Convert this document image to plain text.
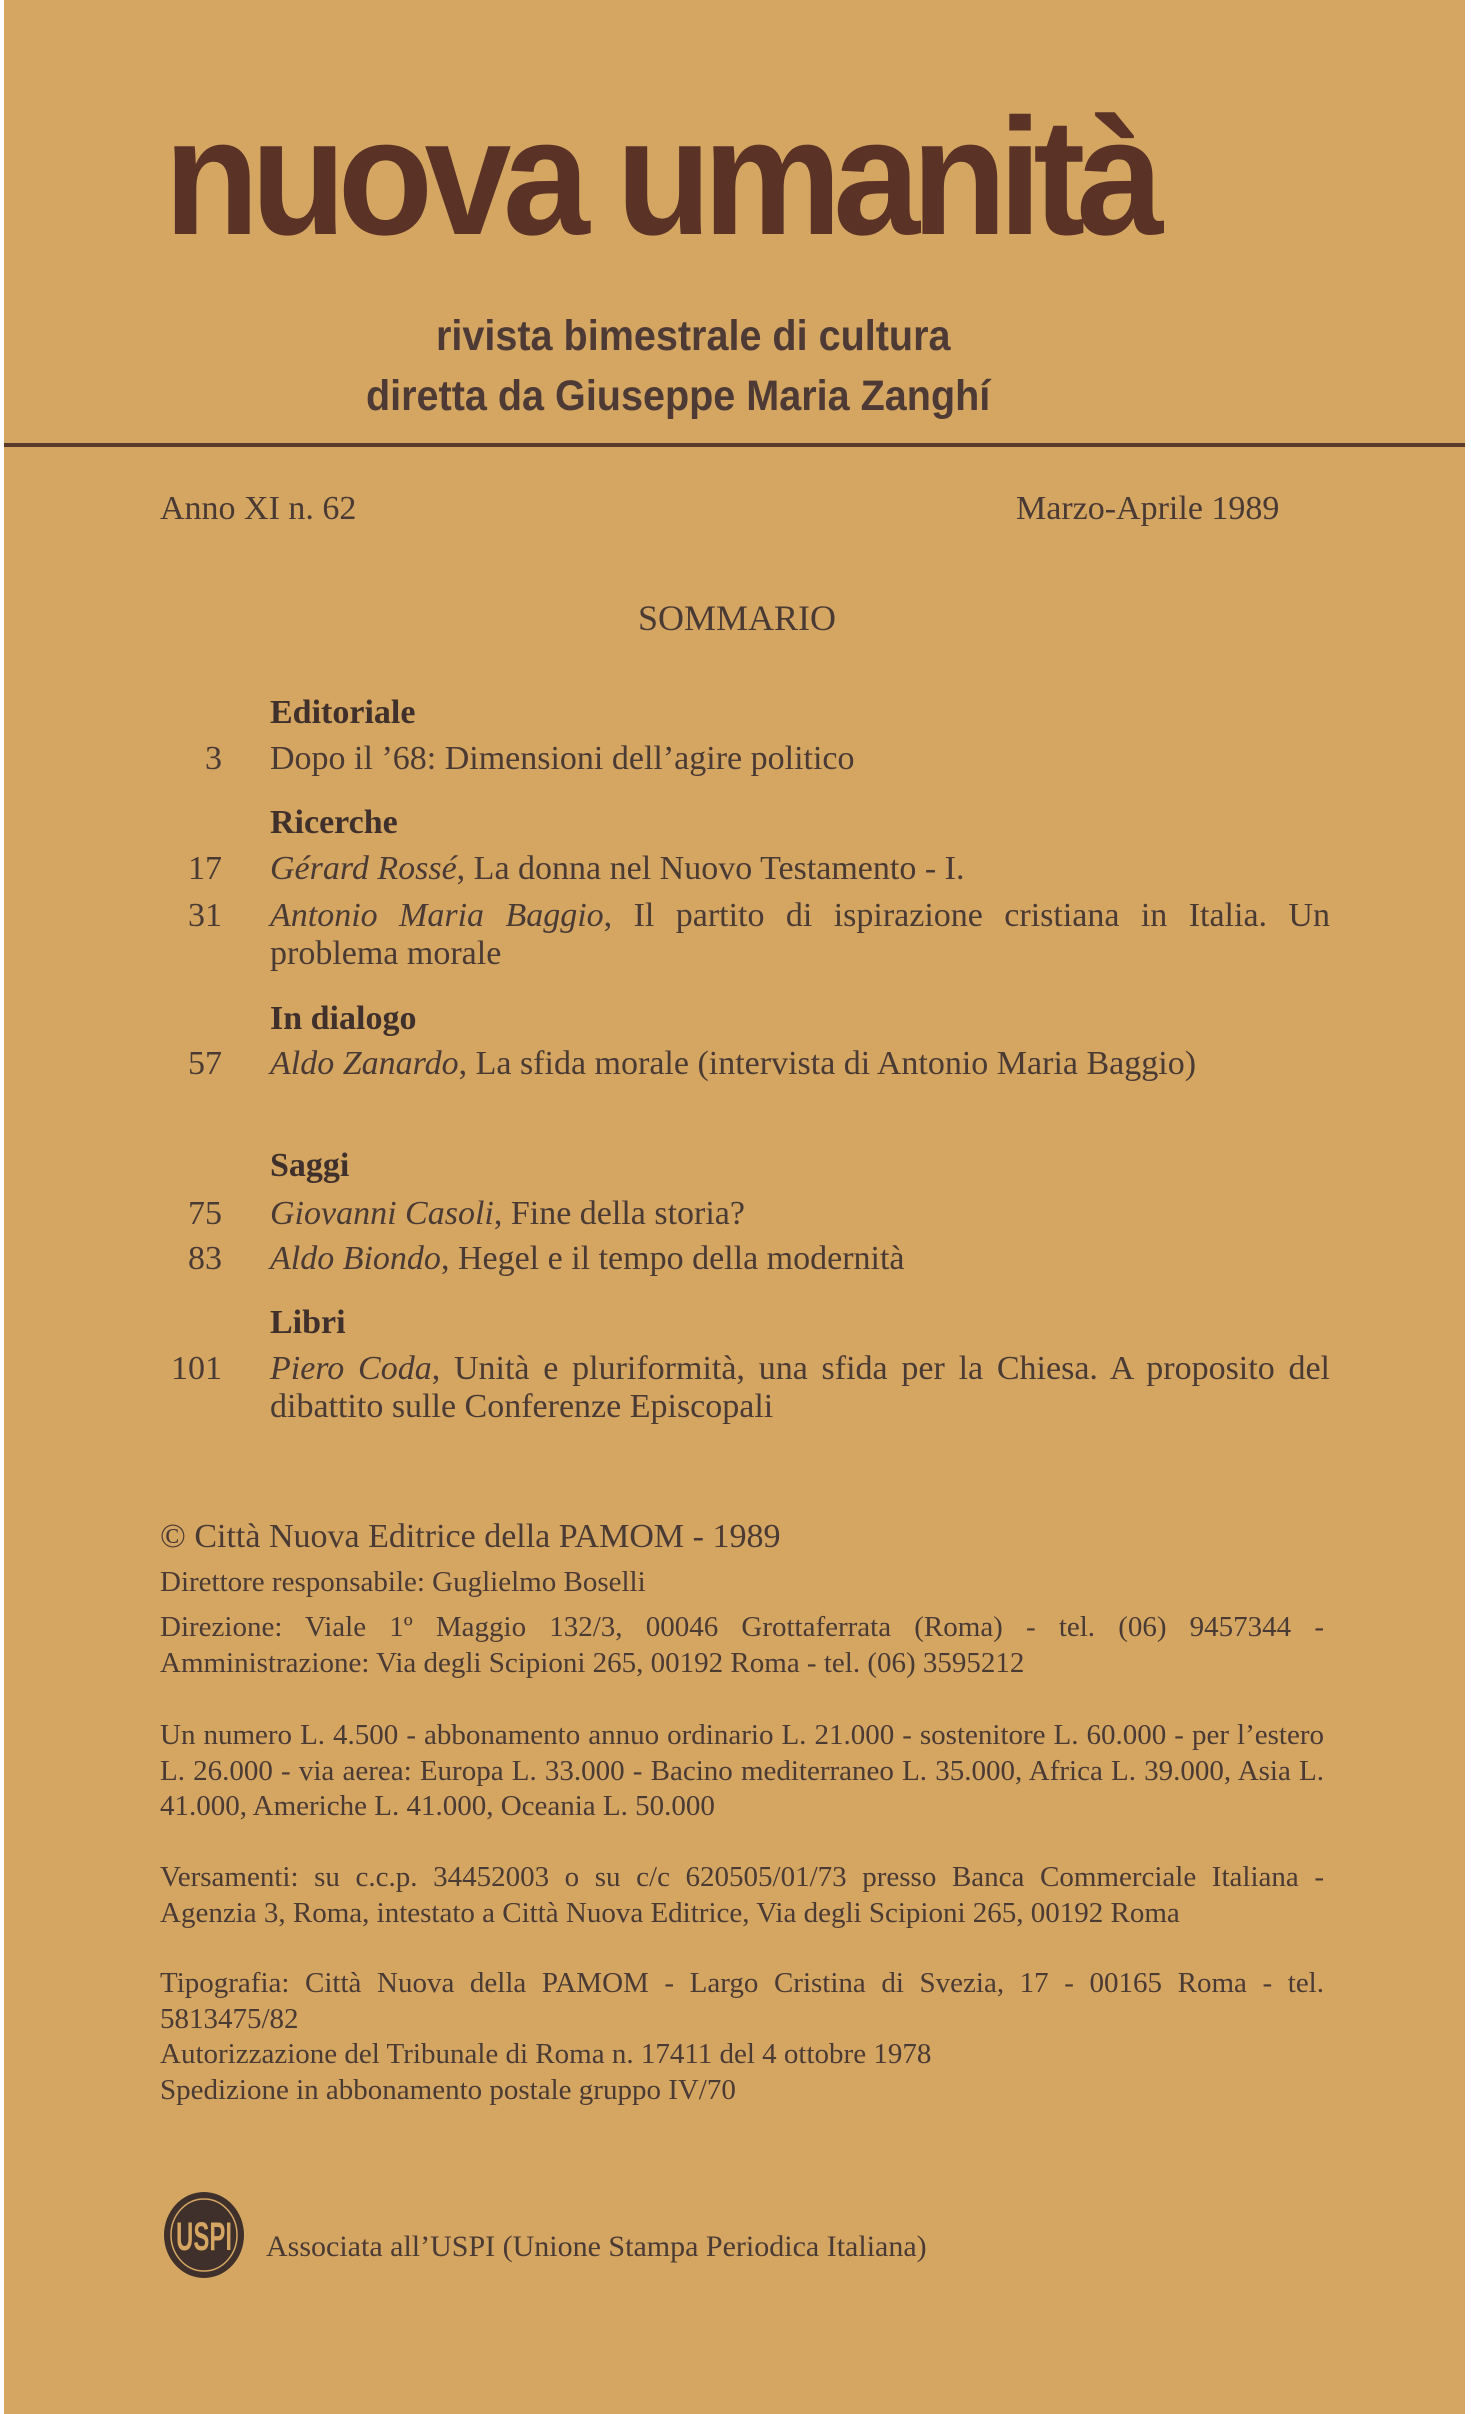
nuova umanità
rivista bimestrale di cultura
diretta da Giuseppe Maria Zanghí
Anno XI n. 62	Marzo-Aprile 1989
SOMMARIO
Editoriale
3 Dopo il ’68: Dimensioni dell’agire politico
Ricerche
17 Gérard Rossé, La donna nel Nuovo Testamento - I.
31 Antonio Maria Baggio, Il partito di ispirazione cristiana in Italia. Un problema morale
In dialogo
57 Aldo Zanardo, La sfida morale (intervista di Antonio Maria Baggio)
Saggi
75 Giovanni Casoli, Fine della storia?
83 Aldo Biondo, Hegel e il tempo della modernità
Libri
101 Piero Coda, Unità e pluriformità, una sfida per la Chiesa. A proposito del dibattito sulle Conferenze Episcopali
© Città Nuova Editrice della PAMOM - 1989
Direttore responsabile: Guglielmo Boselli
Direzione: Viale 1º Maggio 132/3, 00046 Grottaferrata (Roma) - tel. (06) 9457344 - Amministrazione: Via degli Scipioni 265, 00192 Roma - tel. (06) 3595212
Un numero L. 4.500 - abbonamento annuo ordinario L. 21.000 - sostenitore L. 60.000 - per l’estero L. 26.000 - via aerea: Europa L. 33.000 - Bacino mediterraneo L. 35.000, Africa L. 39.000, Asia L. 41.000, Americhe L. 41.000, Oceania L. 50.000
Versamenti: su c.c.p. 34452003 o su c/c 620505/01/73 presso Banca Commerciale Italiana - Agenzia 3, Roma, intestato a Città Nuova Editrice, Via degli Scipioni 265, 00192 Roma
Tipografia: Città Nuova della PAMOM - Largo Cristina di Svezia, 17 - 00165 Roma - tel. 5813475/82
Autorizzazione del Tribunale di Roma n. 17411 del 4 ottobre 1978
Spedizione in abbonamento postale gruppo IV/70
USPI Associata all’USPI (Unione Stampa Periodica Italiana)
